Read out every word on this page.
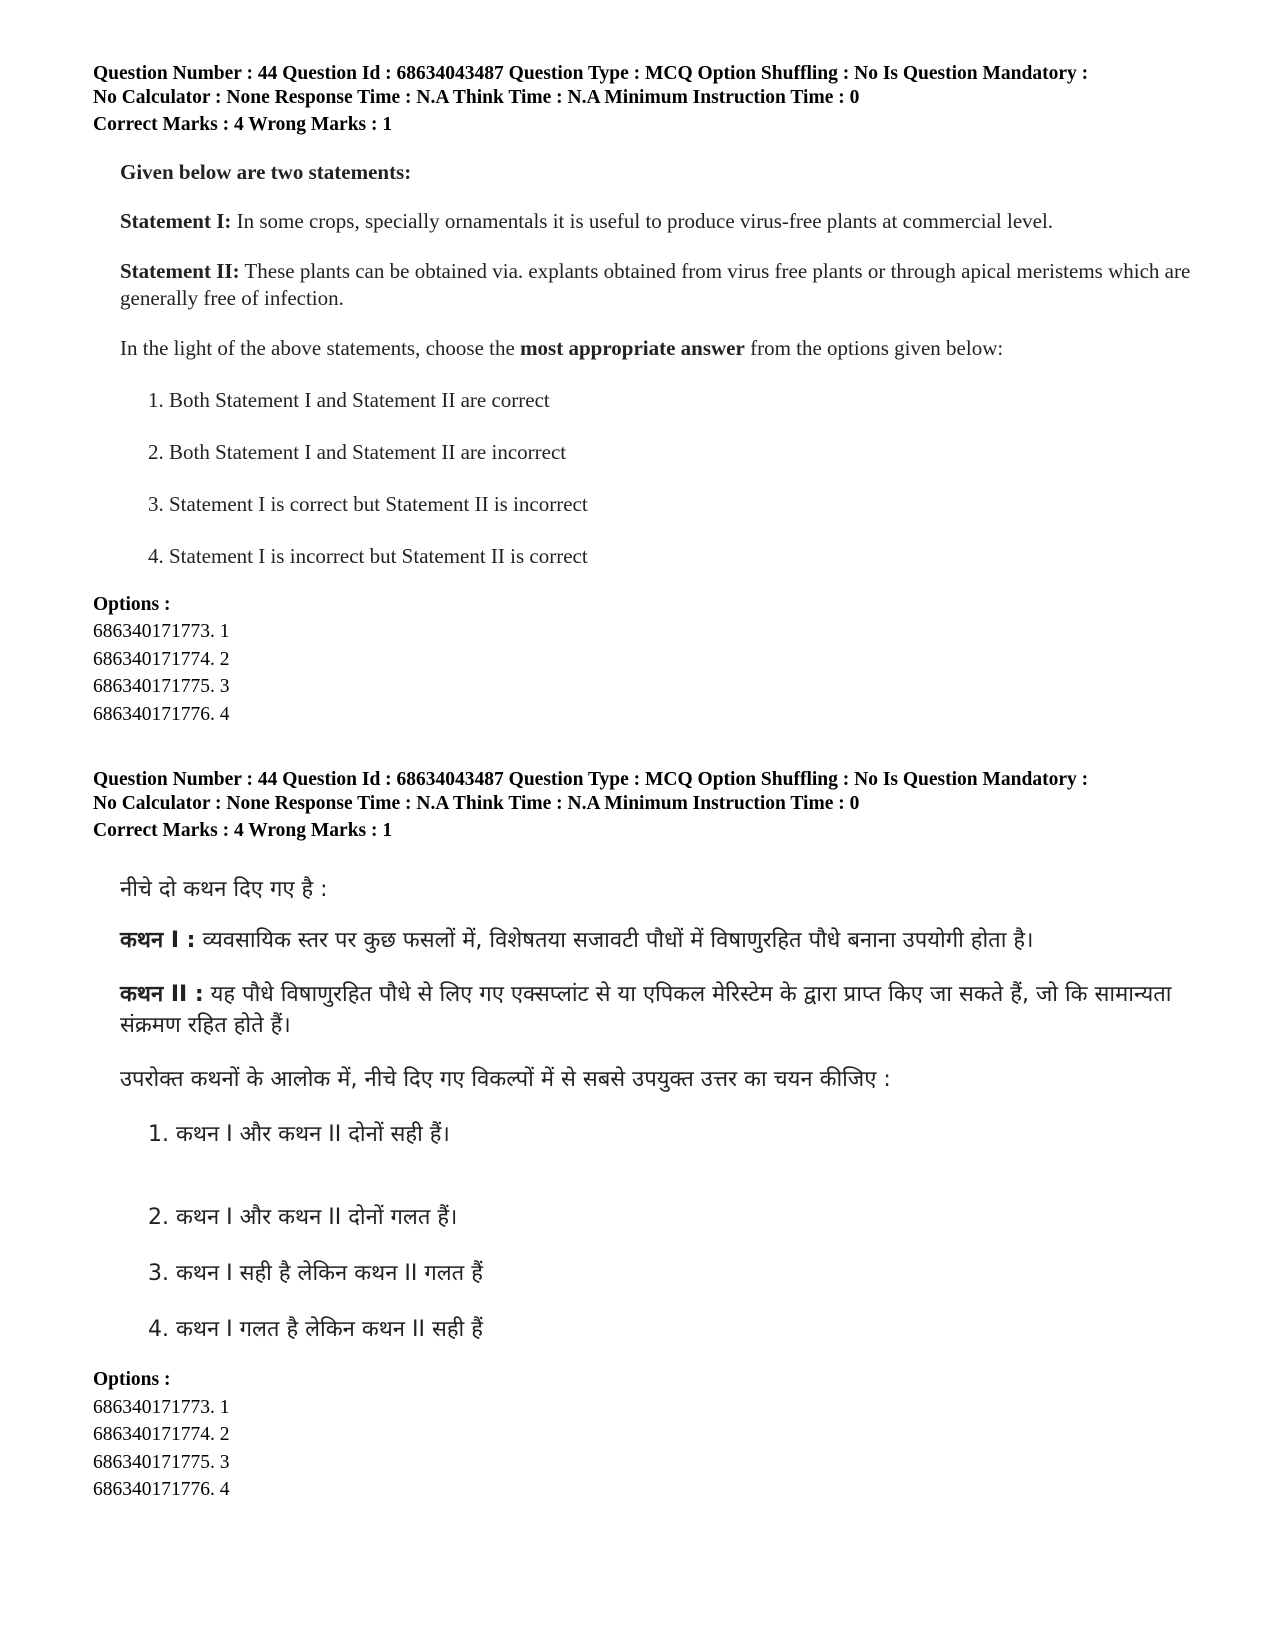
Question Number : 44 Question Id : 68634043487 Question Type : MCQ Option Shuffling : No Is Question Mandatory :
No Calculator : None Response Time : N.A Think Time : N.A Minimum Instruction Time : 0
Correct Marks : 4 Wrong Marks : 1
Given below are two statements:
Statement I: In some crops, specially ornamentals it is useful to produce virus-free plants at commercial level.
Statement II: These plants can be obtained via. explants obtained from virus free plants or through apical meristems which are generally free of infection.
In the light of the above statements, choose the most appropriate answer from the options given below:
1. Both Statement I and Statement II are correct
2. Both Statement I and Statement II are incorrect
3. Statement I is correct but Statement II is incorrect
4. Statement I is incorrect but Statement II is correct
Options :
686340171773. 1
686340171774. 2
686340171775. 3
686340171776. 4
Question Number : 44 Question Id : 68634043487 Question Type : MCQ Option Shuffling : No Is Question Mandatory :
No Calculator : None Response Time : N.A Think Time : N.A Minimum Instruction Time : 0
Correct Marks : 4 Wrong Marks : 1
नीचे दो कथन दिए गए है :
कथन I : व्यवसायिक स्तर पर कुछ फसलों में, विशेषतया सजावटी पौधों में विषाणुरहित पौधे बनाना उपयोगी होता है।
कथन II : यह पौधे विषाणुरहित पौधे से लिए गए एक्सप्लांट से या एपिकल मेरिस्टेम के द्वारा प्राप्त किए जा सकते हैं, जो कि सामान्यता संक्रमण रहित होते हैं।
उपरोक्त कथनों के आलोक में, नीचे दिए गए विकल्पों में से सबसे उपयुक्त उत्तर का चयन कीजिए :
1. कथन I और कथन II दोनों सही हैं।
2. कथन I और कथन II दोनों गलत हैं।
3. कथन I सही है लेकिन कथन II गलत हैं
4. कथन I गलत है लेकिन कथन II सही हैं
Options :
686340171773. 1
686340171774. 2
686340171775. 3
686340171776. 4
